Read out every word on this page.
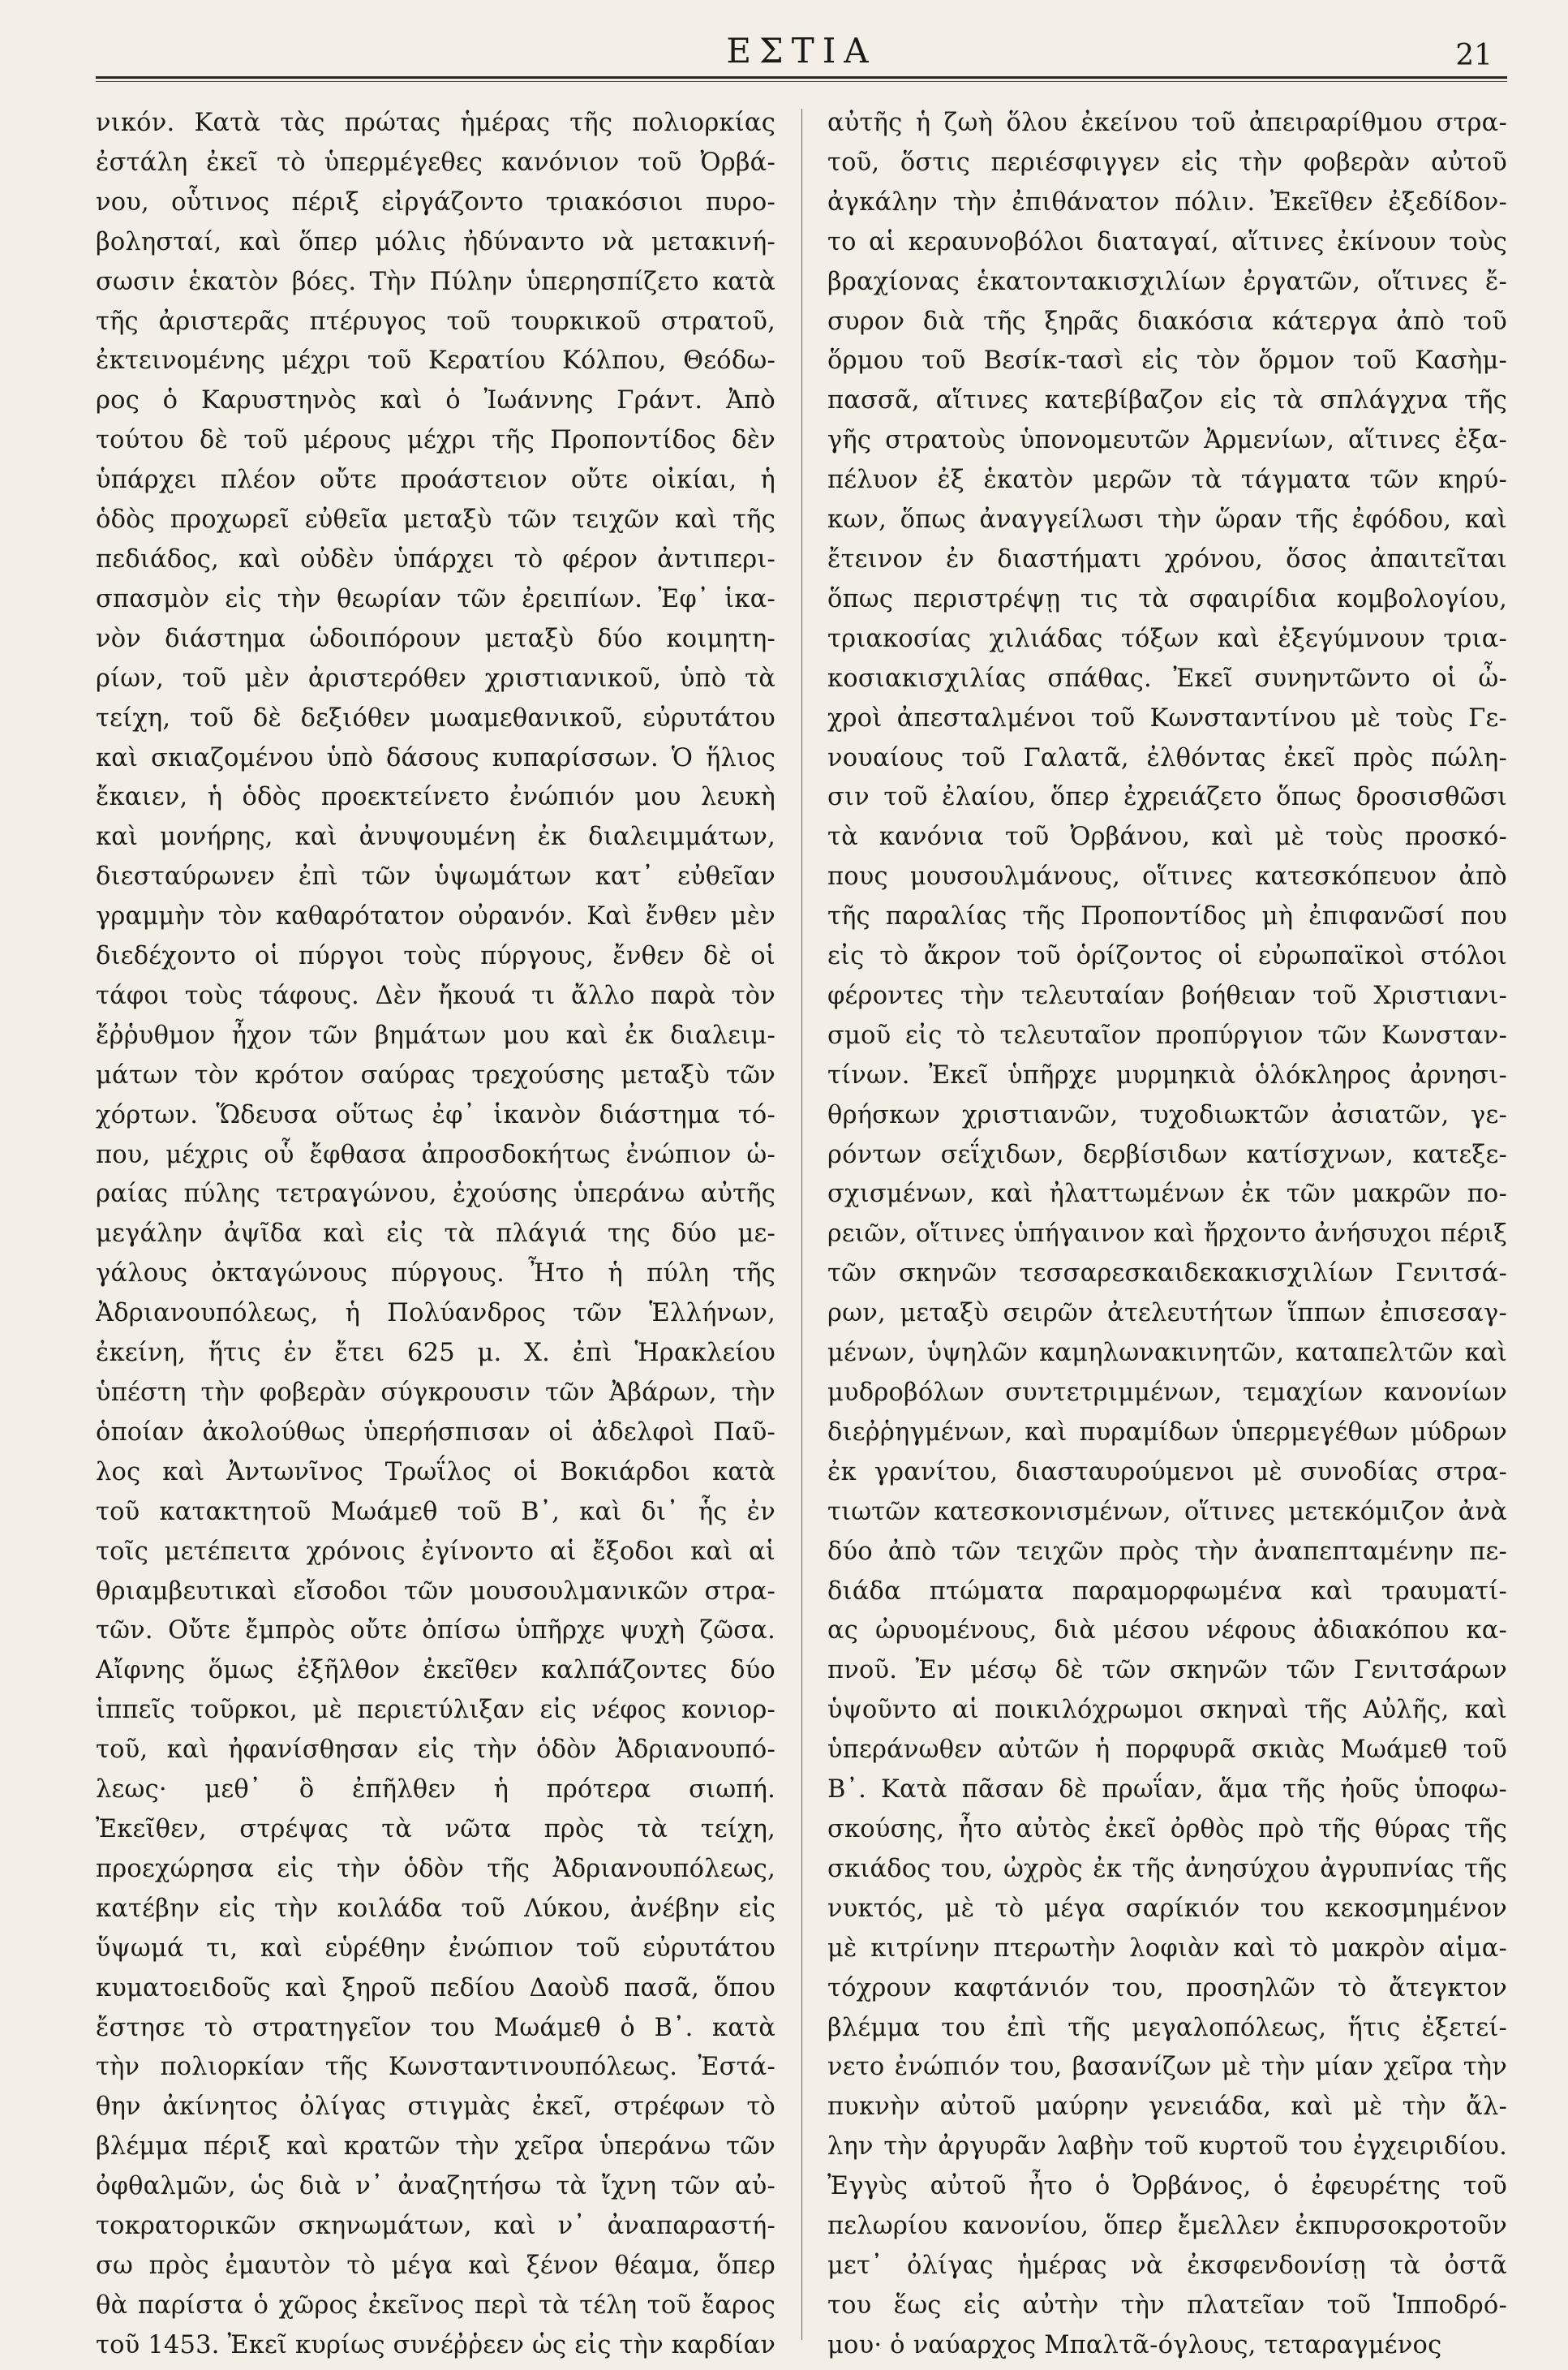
ΕΣΤΙΑ	21
νικόν. Κατὰ τὰς πρώτας ἡμέρας τῆς πολιορκίας
ἐστάλη ἐκεῖ τὸ ὑπερμέγεθες κανόνιον τοῦ Ὀρβά-
νου, οὗτινος πέριξ εἰργάζοντο τριακόσιοι πυρο-
βολησταί, καὶ ὅπερ μόλις ἠδύναντο νὰ μετακινή-
σωσιν ἑκατὸν βόες. Τὴν Πύλην ὑπερησπίζετο κατὰ
τῆς ἀριστερᾶς πτέρυγος τοῦ τουρκικοῦ στρατοῦ,
ἐκτεινομένης μέχρι τοῦ Κερατίου Κόλπου, Θεόδω-
ρος ὁ Καρυστηνὸς καὶ ὁ Ἰωάννης Γράντ. Ἀπὸ
τούτου δὲ τοῦ μέρους μέχρι τῆς Προποντίδος δὲν
ὑπάρχει πλέον οὔτε προάστειον οὔτε οἰκίαι, ἡ
ὁδὸς προχωρεῖ εὐθεῖα μεταξὺ τῶν τειχῶν καὶ τῆς
πεδιάδος, καὶ οὐδὲν ὑπάρχει τὸ φέρον ἀντιπερι-
σπασμὸν εἰς τὴν θεωρίαν τῶν ἐρειπίων. Ἐφ᾽ ἱκα-
νὸν διάστημα ὡδοιπόρουν μεταξὺ δύο κοιμητη-
ρίων, τοῦ μὲν ἀριστερόθεν χριστιανικοῦ, ὑπὸ τὰ
τείχη, τοῦ δὲ δεξιόθεν μωαμεθανικοῦ, εὐρυτάτου
καὶ σκιαζομένου ὑπὸ δάσους κυπαρίσσων. Ὁ ἥλιος
ἔκαιεν, ἡ ὁδὸς προεκτείνετο ἐνώπιόν μου λευκὴ
καὶ μονήρης, καὶ ἀνυψουμένη ἐκ διαλειμμάτων,
διεσταύρωνεν ἐπὶ τῶν ὑψωμάτων κατ᾽ εὐθεῖαν
γραμμὴν τὸν καθαρότατον οὐρανόν. Καὶ ἔνθεν μὲν
διεδέχοντο οἱ πύργοι τοὺς πύργους, ἔνθεν δὲ οἱ
τάφοι τοὺς τάφους. Δὲν ἤκουά τι ἄλλο παρὰ τὸν
ἔῤῥυθμον ἦχον τῶν βημάτων μου καὶ ἐκ διαλειμ-
μάτων τὸν κρότον σαύρας τρεχούσης μεταξὺ τῶν
χόρτων. Ὥδευσα οὕτως ἐφ᾽ ἱκανὸν διάστημα τό-
που, μέχρις οὗ ἔφθασα ἀπροσδοκήτως ἐνώπιον ὡ-
ραίας πύλης τετραγώνου, ἐχούσης ὑπεράνω αὐτῆς
μεγάλην ἀψῖδα καὶ εἰς τὰ πλάγιά της δύο με-
γάλους ὀκταγώνους πύργους. Ἦτο ἡ πύλη τῆς
Ἀδριανουπόλεως, ἡ Πολύανδρος τῶν Ἑλλήνων,
ἐκείνη, ἥτις ἐν ἔτει 625 μ. Χ. ἐπὶ Ἡρακλείου
ὑπέστη τὴν φοβερὰν σύγκρουσιν τῶν Ἀβάρων, τὴν
ὁποίαν ἀκολούθως ὑπερήσπισαν οἱ ἀδελφοὶ Παῦ-
λος καὶ Ἀντωνῖνος Τρωΐλος οἱ Βοκιάρδοι κατὰ
τοῦ κατακτητοῦ Μωάμεθ τοῦ Β᾽, καὶ δι᾽ ἧς ἐν
τοῖς μετέπειτα χρόνοις ἐγίνοντο αἱ ἔξοδοι καὶ αἱ
θριαμβευτικαὶ εἴσοδοι τῶν μουσουλμανικῶν στρα-
τῶν. Οὔτε ἔμπρὸς οὔτε ὀπίσω ὑπῆρχε ψυχὴ ζῶσα.
Αἴφνης ὅμως ἐξῆλθον ἐκεῖθεν καλπάζοντες δύο
ἱππεῖς τοῦρκοι, μὲ περιετύλιξαν εἰς νέφος κονιορ-
τοῦ, καὶ ἠφανίσθησαν εἰς τὴν ὁδὸν Ἀδριανουπό-
λεως· μεθ᾽ ὃ ἐπῆλθεν ἡ πρότερα σιωπή.
Ἐκεῖθεν, στρέψας τὰ νῶτα πρὸς τὰ τείχη,
προεχώρησα εἰς τὴν ὁδὸν τῆς Ἀδριανουπόλεως,
κατέβην εἰς τὴν κοιλάδα τοῦ Λύκου, ἀνέβην εἰς
ὕψωμά τι, καὶ εὑρέθην ἐνώπιον τοῦ εὐρυτάτου
κυματοειδοῦς καὶ ξηροῦ πεδίου Δαοὺδ πασᾶ, ὅπου
ἔστησε τὸ στρατηγεῖον του Μωάμεθ ὁ Β᾽. κατὰ
τὴν πολιορκίαν τῆς Κωνσταντινουπόλεως. Ἐστά-
θην ἀκίνητος ὀλίγας στιγμὰς ἐκεῖ, στρέφων τὸ
βλέμμα πέριξ καὶ κρατῶν τὴν χεῖρα ὑπεράνω τῶν
ὀφθαλμῶν, ὡς διὰ ν᾽ ἀναζητήσω τὰ ἴχνη τῶν αὐ-
τοκρατορικῶν σκηνωμάτων, καὶ ν᾽ ἀναπαραστή-
σω πρὸς ἐμαυτὸν τὸ μέγα καὶ ξένον θέαμα, ὅπερ
θὰ παρίστα ὁ χῶρος ἐκεῖνος περὶ τὰ τέλη τοῦ ἔαρος
τοῦ 1453. Ἐκεῖ κυρίως συνέῤῥεεν ὡς εἰς τὴν καρδίαν
αὐτῆς ἡ ζωὴ ὅλου ἐκείνου τοῦ ἀπειραρίθμου στρα-
τοῦ, ὅστις περιέσφιγγεν εἰς τὴν φοβερὰν αὐτοῦ
ἀγκάλην τὴν ἐπιθάνατον πόλιν. Ἐκεῖθεν ἐξεδίδον-
το αἱ κεραυνοβόλοι διαταγαί, αἵτινες ἐκίνουν τοὺς
βραχίονας ἑκατοντακισχιλίων ἐργατῶν, οἵτινες ἔ-
συρον διὰ τῆς ξηρᾶς διακόσια κάτεργα ἀπὸ τοῦ
ὅρμου τοῦ Βεσίκ-τασὶ εἰς τὸν ὅρμον τοῦ Κασὴμ-
πασσᾶ, αἵτινες κατεβίβαζον εἰς τὰ σπλάγχνα τῆς
γῆς στρατοὺς ὑπονομευτῶν Ἀρμενίων, αἵτινες ἐξα-
πέλυον ἐξ ἑκατὸν μερῶν τὰ τάγματα τῶν κηρύ-
κων, ὅπως ἀναγγείλωσι τὴν ὥραν τῆς ἐφόδου, καὶ
ἔτεινον ἐν διαστήματι χρόνου, ὅσος ἀπαιτεῖται
ὅπως περιστρέψῃ τις τὰ σφαιρίδια κομβολογίου,
τριακοσίας χιλιάδας τόξων καὶ ἐξεγύμνουν τρια-
κοσιακισχιλίας σπάθας. Ἐκεῖ συνηντῶντο οἱ ὦ-
χροὶ ἀπεσταλμένοι τοῦ Κωνσταντίνου μὲ τοὺς Γε-
νουαίους τοῦ Γαλατᾶ, ἐλθόντας ἐκεῖ πρὸς πώλη-
σιν τοῦ ἐλαίου, ὅπερ ἐχρειάζετο ὅπως δροσισθῶσι
τὰ κανόνια τοῦ Ὀρβάνου, καὶ μὲ τοὺς προσκό-
πους μουσουλμάνους, οἵτινες κατεσκόπευον ἀπὸ
τῆς παραλίας τῆς Προποντίδος μὴ ἐπιφανῶσί που
εἰς τὸ ἄκρον τοῦ ὁρίζοντος οἱ εὐρωπαϊκοὶ στόλοι
φέροντες τὴν τελευταίαν βοήθειαν τοῦ Χριστιανι-
σμοῦ εἰς τὸ τελευταῖον προπύργιον τῶν Κωνσταν-
τίνων. Ἐκεῖ ὑπῆρχε μυρμηκιὰ ὁλόκληρος ἀρνησι-
θρήσκων χριστιανῶν, τυχοδιωκτῶν ἀσιατῶν, γε-
ρόντων σεΐχιδων, δερβίσιδων κατίσχνων, κατεξε-
σχισμένων, καὶ ἠλαττωμένων ἐκ τῶν μακρῶν πο-
ρειῶν, οἵτινες ὑπήγαινον καὶ ἤρχοντο ἀνήσυχοι πέριξ
τῶν σκηνῶν τεσσαρεσκαιδεκακισχιλίων Γενιτσά-
ρων, μεταξὺ σειρῶν ἀτελευτήτων ἵππων ἐπισεσαγ-
μένων, ὑψηλῶν καμηλωνακινητῶν, καταπελτῶν καὶ
μυδροβόλων συντετριμμένων, τεμαχίων κανονίων
διεῤῥηγμένων, καὶ πυραμίδων ὑπερμεγέθων μύδρων
ἐκ γρανίτου, διασταυρούμενοι μὲ συνοδίας στρα-
τιωτῶν κατεσκονισμένων, οἵτινες μετεκόμιζον ἀνὰ
δύο ἀπὸ τῶν τειχῶν πρὸς τὴν ἀναπεπταμένην πε-
διάδα πτώματα παραμορφωμένα καὶ τραυματί-
ας ὠρυομένους, διὰ μέσου νέφους ἀδιακόπου κα-
πνοῦ. Ἐν μέσῳ δὲ τῶν σκηνῶν τῶν Γενιτσάρων
ὑψοῦντο αἱ ποικιλόχρωμοι σκηναὶ τῆς Αὐλῆς, καὶ
ὑπεράνωθεν αὐτῶν ἡ πορφυρᾶ σκιὰς Μωάμεθ τοῦ
Β᾽. Κατὰ πᾶσαν δὲ πρωΐαν, ἅμα τῆς ἠοῦς ὑποφω-
σκούσης, ἦτο αὐτὸς ἐκεῖ ὀρθὸς πρὸ τῆς θύρας τῆς
σκιάδος του, ὠχρὸς ἐκ τῆς ἀνησύχου ἀγρυπνίας τῆς
νυκτός, μὲ τὸ μέγα σαρίκιόν του κεκοσμημένον
μὲ κιτρίνην πτερωτὴν λοφιὰν καὶ τὸ μακρὸν αἱμα-
τόχρουν καφτάνιόν του, προσηλῶν τὸ ἄτεγκτον
βλέμμα του ἐπὶ τῆς μεγαλοπόλεως, ἥτις ἐξετεί-
νετο ἐνώπιόν του, βασανίζων μὲ τὴν μίαν χεῖρα τὴν
πυκνὴν αὐτοῦ μαύρην γενειάδα, καὶ μὲ τὴν ἄλ-
λην τὴν ἀργυρᾶν λαβὴν τοῦ κυρτοῦ του ἐγχειριδίου.
Ἐγγὺς αὐτοῦ ἦτο ὁ Ὀρβάνος, ὁ ἐφευρέτης τοῦ
πελωρίου κανονίου, ὅπερ ἔμελλεν ἐκπυρσοκροτοῦν
μετ᾽ ὀλίγας ἡμέρας νὰ ἐκσφενδονίσῃ τὰ ὀστᾶ
του ἕως εἰς αὐτὴν τὴν πλατεῖαν τοῦ Ἱπποδρό-
μου· ὁ ναύαρχος Μπαλτᾶ-όγλους, τεταραγμένος
